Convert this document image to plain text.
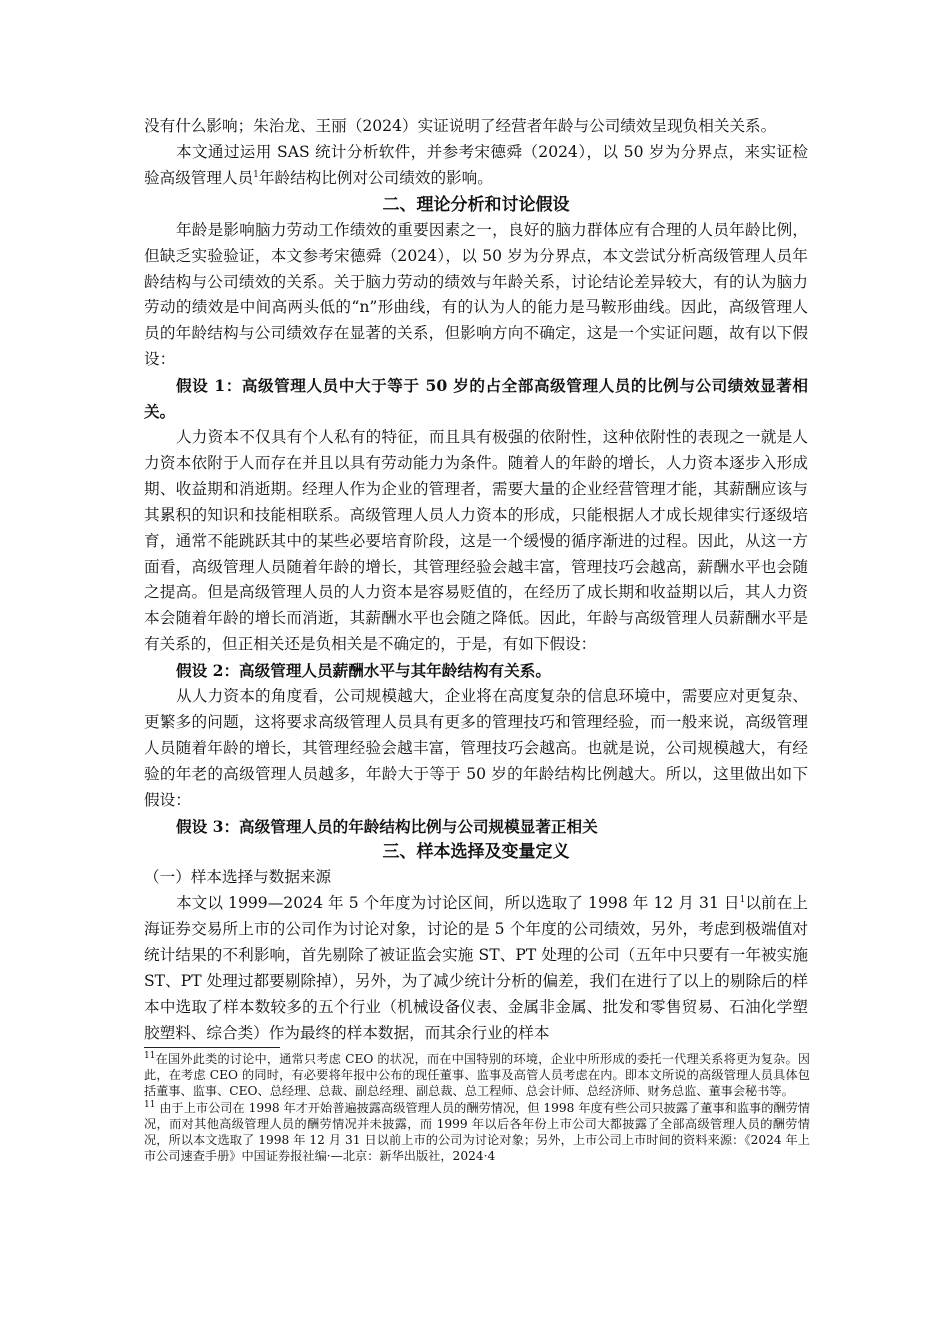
没有什么影响；朱治龙、王丽（2024）实证说明了经营者年龄与公司绩效呈现负相关关系。

本文通过运用 SAS 统计分析软件，并参考宋德舜（2024），以 50 岁为分界点，来实证检验高级管理人员$^1$年龄结构比例对公司绩效的影响。

二、理论分析和讨论假设

年龄是影响脑力劳动工作绩效的重要因素之一，良好的脑力群体应有合理的人员年龄比例，但缺乏实验验证，本文参考宋德舜（2024），以 50 岁为分界点，本文尝试分析高级管理人员年龄结构与公司绩效的关系。关于脑力劳动的绩效与年龄关系，讨论结论差异较大，有的认为脑力劳动的绩效是中间高两头低的“n”形曲线，有的认为人的能力是马鞍形曲线。因此，高级管理人员的年龄结构与公司绩效存在显著的关系，但影响方向不确定，这是一个实证问题，故有以下假设：

假设 1：高级管理人员中大于等于 50 岁的占全部高级管理人员的比例与公司绩效显著相关。

人力资本不仅具有个人私有的特征，而且具有极强的依附性，这种依附性的表现之一就是人力资本依附于人而存在并且以具有劳动能力为条件。随着人的年龄的增长，人力资本逐步入形成期、收益期和消逝期。经理人作为企业的管理者，需要大量的企业经营管理才能，其薪酬应该与其累积的知识和技能相联系。高级管理人员人力资本的形成，只能根据人才成长规律实行逐级培育，通常不能跳跃其中的某些必要培育阶段，这是一个缓慢的循序渐进的过程。因此，从这一方面看，高级管理人员随着年龄的增长，其管理经验会越丰富，管理技巧会越高，薪酬水平也会随之提高。但是高级管理人员的人力资本是容易贬值的，在经历了成长期和收益期以后，其人力资本会随着年龄的增长而消逝，其薪酬水平也会随之降低。因此，年龄与高级管理人员薪酬水平是有关系的，但正相关还是负相关是不确定的，于是，有如下假设：

假设 2：高级管理人员薪酬水平与其年龄结构有关系。

从人力资本的角度看，公司规模越大，企业将在高度复杂的信息环境中，需要应对更复杂、更繁多的问题，这将要求高级管理人员具有更多的管理技巧和管理经验，而一般来说，高级管理人员随着年龄的增长，其管理经验会越丰富，管理技巧会越高。也就是说，公司规模越大，有经验的年老的高级管理人员越多，年龄大于等于 50 岁的年龄结构比例越大。所以，这里做出如下假设：

假设 3：高级管理人员的年龄结构比例与公司规模显著正相关

三、样本选择及变量定义

（一）样本选择与数据来源

本文以 1999—2024 年 5 个年度为讨论区间，所以选取了 1998 年 12 月 31 日$^1$以前在上海证券交易所上市的公司作为讨论对象，讨论的是 5 个年度的公司绩效，另外，考虑到极端值对统计结果的不利影响，首先剔除了被证监会实施 ST、PT 处理的公司（五年中只要有一年被实施 ST、PT 处理过都要剔除掉），另外，为了减少统计分析的偏差，我们在进行了以上的剔除后的样本中选取了样本数较多的五个行业（机械设备仪表、金属非金属、批发和零售贸易、石油化学塑胶塑料、综合类）作为最终的样本数据，而其余行业的样本

$^{11}$在国外此类的讨论中，通常只考虑 CEO 的状况，而在中国特别的环境，企业中所形成的委托一代理关系将更为复杂。因此，在考虑 CEO 的同时，有必要将年报中公布的现任董事、监事及高管人员考虑在内。即本文所说的高级管理人员具体包括董事、监事、CEO、总经理、总裁、副总经理、副总裁、总工程师、总会计师、总经济师、财务总监、董事会秘书等。

$^{11}$ 由于上市公司在 1998 年才开始普遍披露高级管理人员的酬劳情况，但 1998 年度有些公司只披露了董事和监事的酬劳情况，而对其他高级管理人员的酬劳情况并未披露，而 1999 年以后各年份上市公司大都披露了全部高级管理人员的酬劳情况，所以本文选取了 1998 年 12 月 31 日以前上市的公司为讨论对象；另外，上市公司上市时间的资料来源：《2024 年上市公司速查手册》中国证券报社编·—北京：新华出版社，2024·4
